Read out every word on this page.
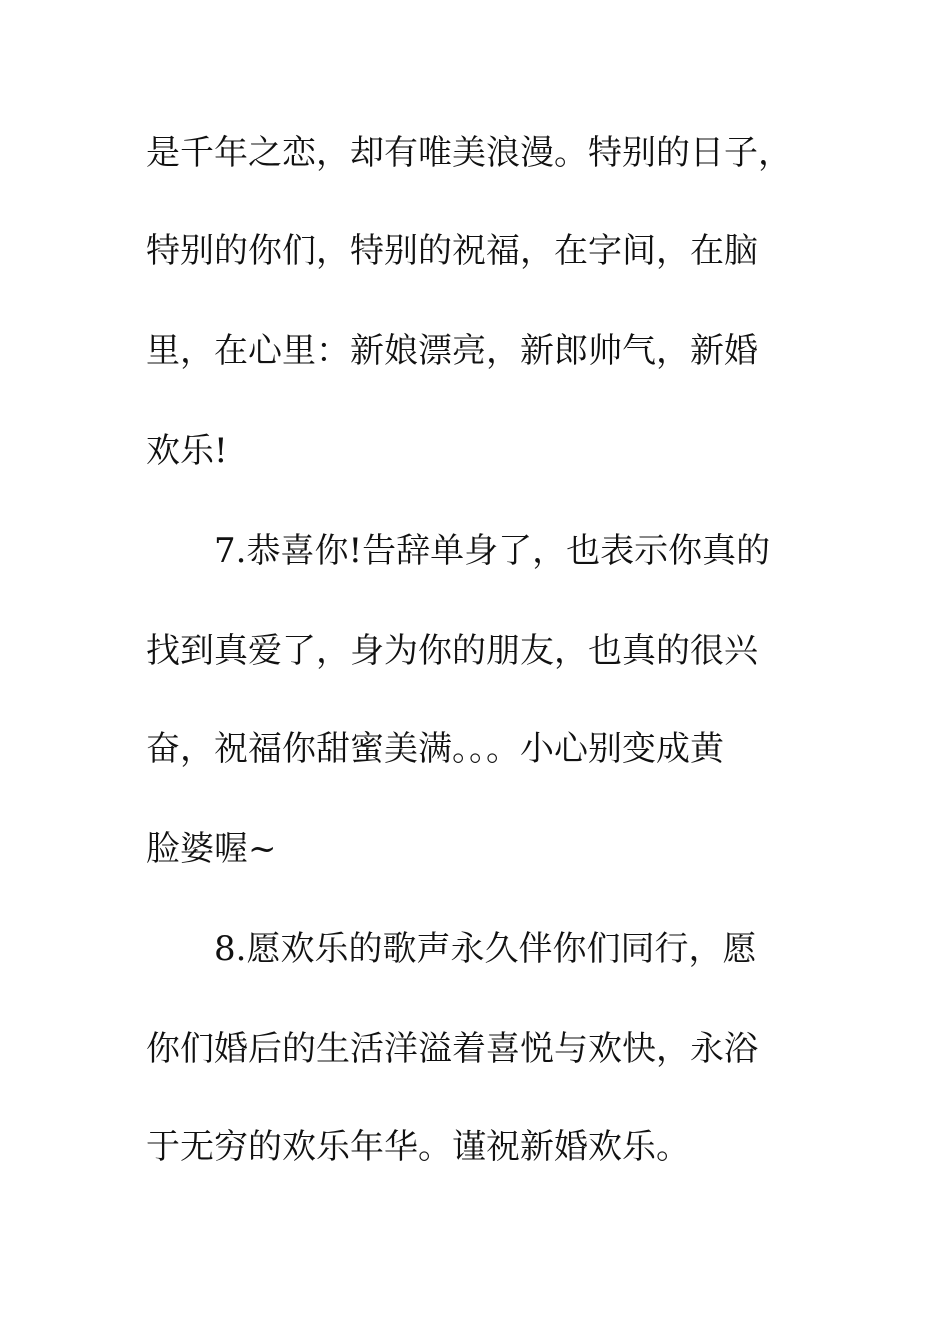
是千年之恋，却有唯美浪漫。特别的日子，
特别的你们，特别的祝福，在字间，在脑
里，在心里：新娘漂亮，新郎帅气，新婚
欢乐!
7.恭喜你!告辞单身了，也表示你真的
找到真爱了，身为你的朋友，也真的很兴
奋，祝福你甜蜜美满。。。小心别变成黄
脸婆喔~
8.愿欢乐的歌声永久伴你们同行，愿
你们婚后的生活洋溢着喜悦与欢快，永浴
于无穷的欢乐年华。谨祝新婚欢乐。
